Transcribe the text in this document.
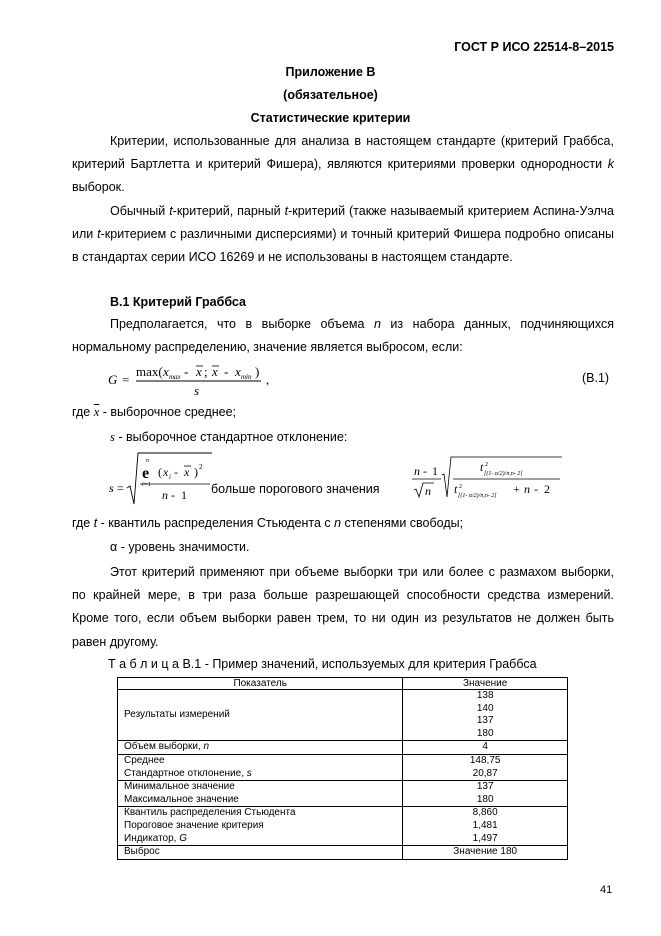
ГОСТ Р ИСО 22514-8–2015
Приложение В
(обязательное)
Статистические критерии

Критерии, использованные для анализа в настоящем стандарте (критерий Граббса, критерий Бартлетта и критерий Фишера), являются критериями проверки однородности k выборок.

Обычный t-критерий, парный t-критерий (также называемый критерием Аспина-Уэлча или t-критерием с различными дисперсиями) и точный критерий Фишера подробно описаны в стандартах серии ИСО 16269 и не использованы в настоящем стандарте.

В.1 Критерий Граббса

Предполагается, что в выборке объема n из набора данных, подчиняющихся нормальному распределению, значение является выбросом, если:

G =
max( x max - x ; x - x min )
s
,	(В.1)
где $\overline{x}$ - выборочное среднее;
s - выборочное стандартное отклонение:
s =
e
n
i=1
( x i - x ) 2
n - 1 больше порогового значения
n - 1
n
t 2
[(1- α/2)/n,n- 2]
t 2
[(1- α/2)/n,n- 2] + n - 2
где t - квантиль распределения Стьюдента с n степенями свободы;
α - уровень значимости.

Этот критерий применяют при объеме выборки три или более с размахом выборки, по крайней мере, в три раза больше разрешающей способности средства измерений. Кроме того, если объем выборки равен трем, то ни один из результатов не должен быть равен другому.

Т а б л и ц а В.1 - Пример значений, используемых для критерия Граббса
Показатель	Значение
Результаты измерений	138
	140
	137
	180
Объем выборки, n	4
Среднее	148,75
Стандартное отклонение, s	20,87
Минимальное значение	137
Максимальное значение	180
Квантиль распределения Стьюдента	8,860
Пороговое значение критерия	1,481
Индикатор, G	1,497
Выброс	Значение 180
41
